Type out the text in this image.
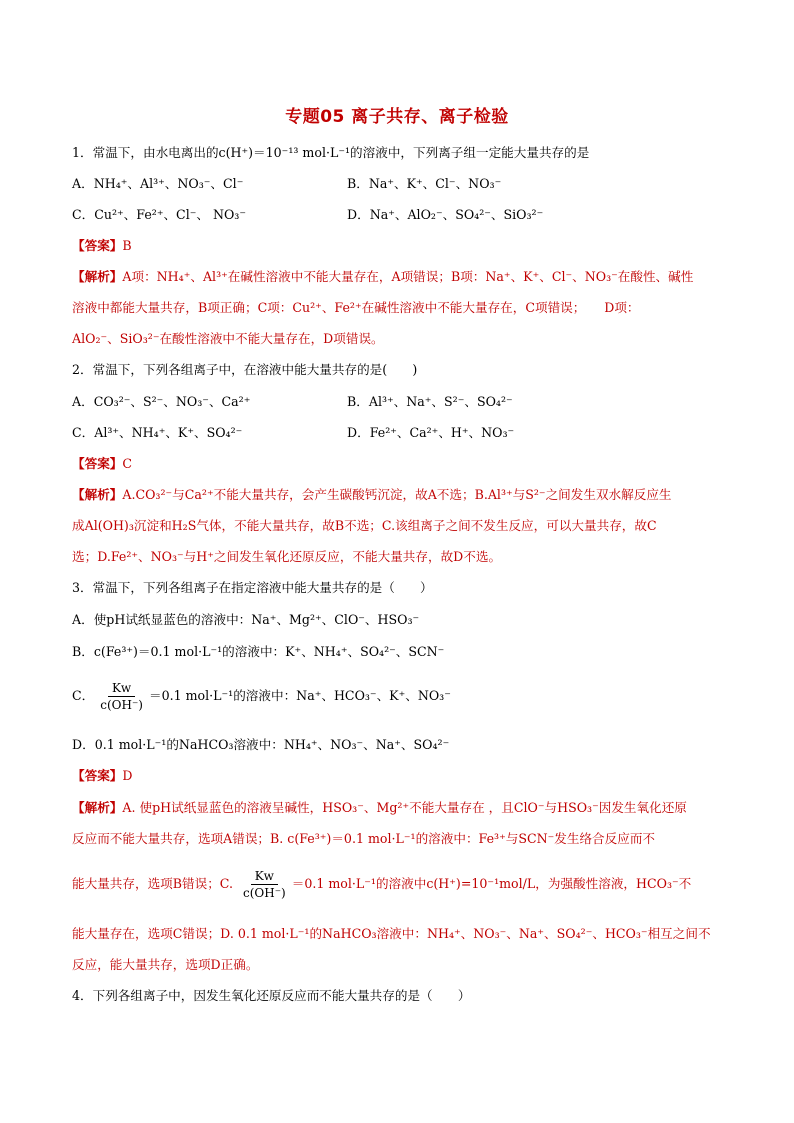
专题05 离子共存、离子检验
1．常温下，由水电离出的c(H⁺)＝10⁻¹³ mol·L⁻¹的溶液中，下列离子组一定能大量共存的是
A．NH₄⁺、Al³⁺、NO₃⁻、Cl⁻	B．Na⁺、K⁺、Cl⁻、NO₃⁻
C．Cu²⁺、Fe²⁺、Cl⁻、 NO₃⁻	D．Na⁺、AlO₂⁻、SO₄²⁻、SiO₃²⁻
【答案】B
【解析】A项：NH₄⁺、Al³⁺在碱性溶液中不能大量存在，A项错误；B项：Na⁺、K⁺、Cl⁻、NO₃⁻在酸性、碱性
溶液中都能大量共存，B项正确；C项：Cu²⁺、Fe²⁺在碱性溶液中不能大量存在，C项错误；　　D项：
AlO₂⁻、SiO₃²⁻在酸性溶液中不能大量存在，D项错误。
2．常温下，下列各组离子中，在溶液中能大量共存的是(　　)
A．CO₃²⁻、S²⁻、NO₃⁻、Ca²⁺	B．Al³⁺、Na⁺、S²⁻、SO₄²⁻
C．Al³⁺、NH₄⁺、K⁺、SO₄²⁻	D．Fe²⁺、Ca²⁺、H⁺、NO₃⁻
【答案】C
【解析】A.CO₃²⁻与Ca²⁺不能大量共存，会产生碳酸钙沉淀，故A不选；B.Al³⁺与S²⁻之间发生双水解反应生
成Al(OH)₃沉淀和H₂S气体，不能大量共存，故B不选；C.该组离子之间不发生反应，可以大量共存，故C
选；D.Fe²⁺、NO₃⁻与H⁺之间发生氧化还原反应，不能大量共存，故D不选。
3．常温下，下列各组离子在指定溶液中能大量共存的是（　　）
A．使pH试纸显蓝色的溶液中：Na⁺、Mg²⁺、ClO⁻、HSO₃⁻
B．c(Fe³⁺)＝0.1 mol·L⁻¹的溶液中：K⁺、NH₄⁺、SO₄²⁻、SCN⁻
C． $\frac{Kw}{c(OH^-)} =0.1$ mol·L⁻¹的溶液中：Na⁺、HCO₃⁻、K⁺、NO₃⁻
D．0.1 mol·L⁻¹的NaHCO₃溶液中：NH₄⁺、NO₃⁻、Na⁺、SO₄²⁻
【答案】D
【解析】A. 使pH试纸显蓝色的溶液呈碱性，HSO₃⁻、Mg²⁺不能大量存在 ，且ClO⁻与HSO₃⁻因发生氧化还原
反应而不能大量共存，选项A错误；B. c(Fe³⁺)＝0.1 mol·L⁻¹的溶液中：Fe³⁺与SCN⁻发生络合反应而不
能大量共存，选项B错误；C. $\frac{Kw}{c(OH^-)} =0.1$ mol·L⁻¹的溶液中c(H⁺)=10⁻¹mol/L，为强酸性溶液，HCO₃⁻不
能大量存在，选项C错误；D. 0.1 mol·L⁻¹的NaHCO₃溶液中：NH₄⁺、NO₃⁻、Na⁺、SO₄²⁻、HCO₃⁻相互之间不
反应，能大量共存，选项D正确。
4．下列各组离子中，因发生氧化还原反应而不能大量共存的是（　　）
